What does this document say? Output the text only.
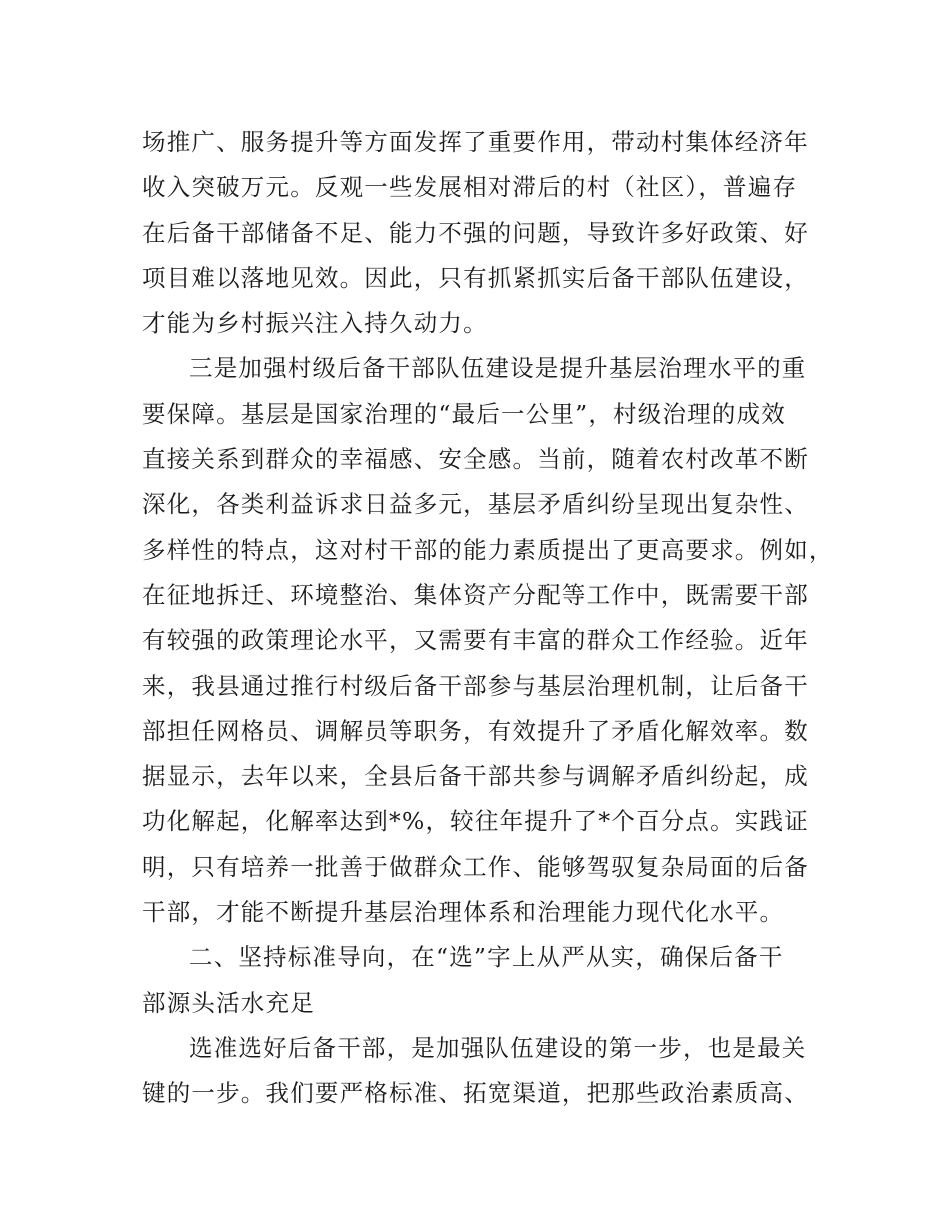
场推广、服务提升等方面发挥了重要作用，带动村集体经济年
收入突破万元。反观一些发展相对滞后的村（社区），普遍存
在后备干部储备不足、能力不强的问题，导致许多好政策、好
项目难以落地见效。因此，只有抓紧抓实后备干部队伍建设，
才能为乡村振兴注入持久动力。
三是加强村级后备干部队伍建设是提升基层治理水平的重
要保障。基层是国家治理的“最后一公里”，村级治理的成效
直接关系到群众的幸福感、安全感。当前，随着农村改革不断
深化，各类利益诉求日益多元，基层矛盾纠纷呈现出复杂性、
多样性的特点，这对村干部的能力素质提出了更高要求。例如，
在征地拆迁、环境整治、集体资产分配等工作中，既需要干部
有较强的政策理论水平，又需要有丰富的群众工作经验。近年
来，我县通过推行村级后备干部参与基层治理机制，让后备干
部担任网格员、调解员等职务，有效提升了矛盾化解效率。数
据显示，去年以来，全县后备干部共参与调解矛盾纠纷起，成
功化解起，化解率达到*%，较往年提升了*个百分点。实践证
明，只有培养一批善于做群众工作、能够驾驭复杂局面的后备
干部，才能不断提升基层治理体系和治理能力现代化水平。
二、坚持标准导向，在“选”字上从严从实，确保后备干
部源头活水充足
选准选好后备干部，是加强队伍建设的第一步，也是最关
键的一步。我们要严格标准、拓宽渠道，把那些政治素质高、
